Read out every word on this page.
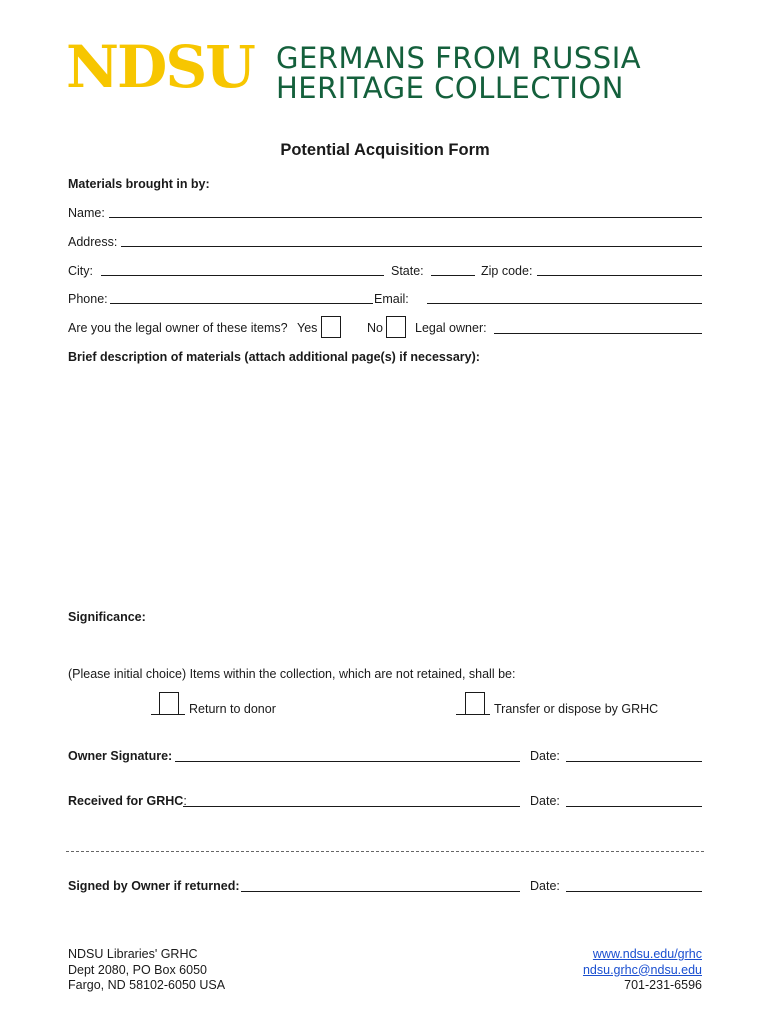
NDSU GERMANS FROM RUSSIA
HERITAGE COLLECTION
Potential Acquisition Form
Materials brought in by:
Name:
Address:
City:	State:	Zip code:
Phone:	Email:
Are you the legal owner of these items? Yes	No	Legal owner:
Brief description of materials (attach additional page(s) if necessary):
Significance:
(Please initial choice) Items within the collection, which are not retained, shall be:
Return to donor	Transfer or dispose by GRHC
Owner Signature:	Date:
Received for GRHC:	Date:
Signed by Owner if returned:	Date:
NDSU Libraries' GRHC
Dept 2080, PO Box 6050
Fargo, ND 58102-6050 USA
www.ndsu.edu/grhc
ndsu.grhc@ndsu.edu
701-231-6596
